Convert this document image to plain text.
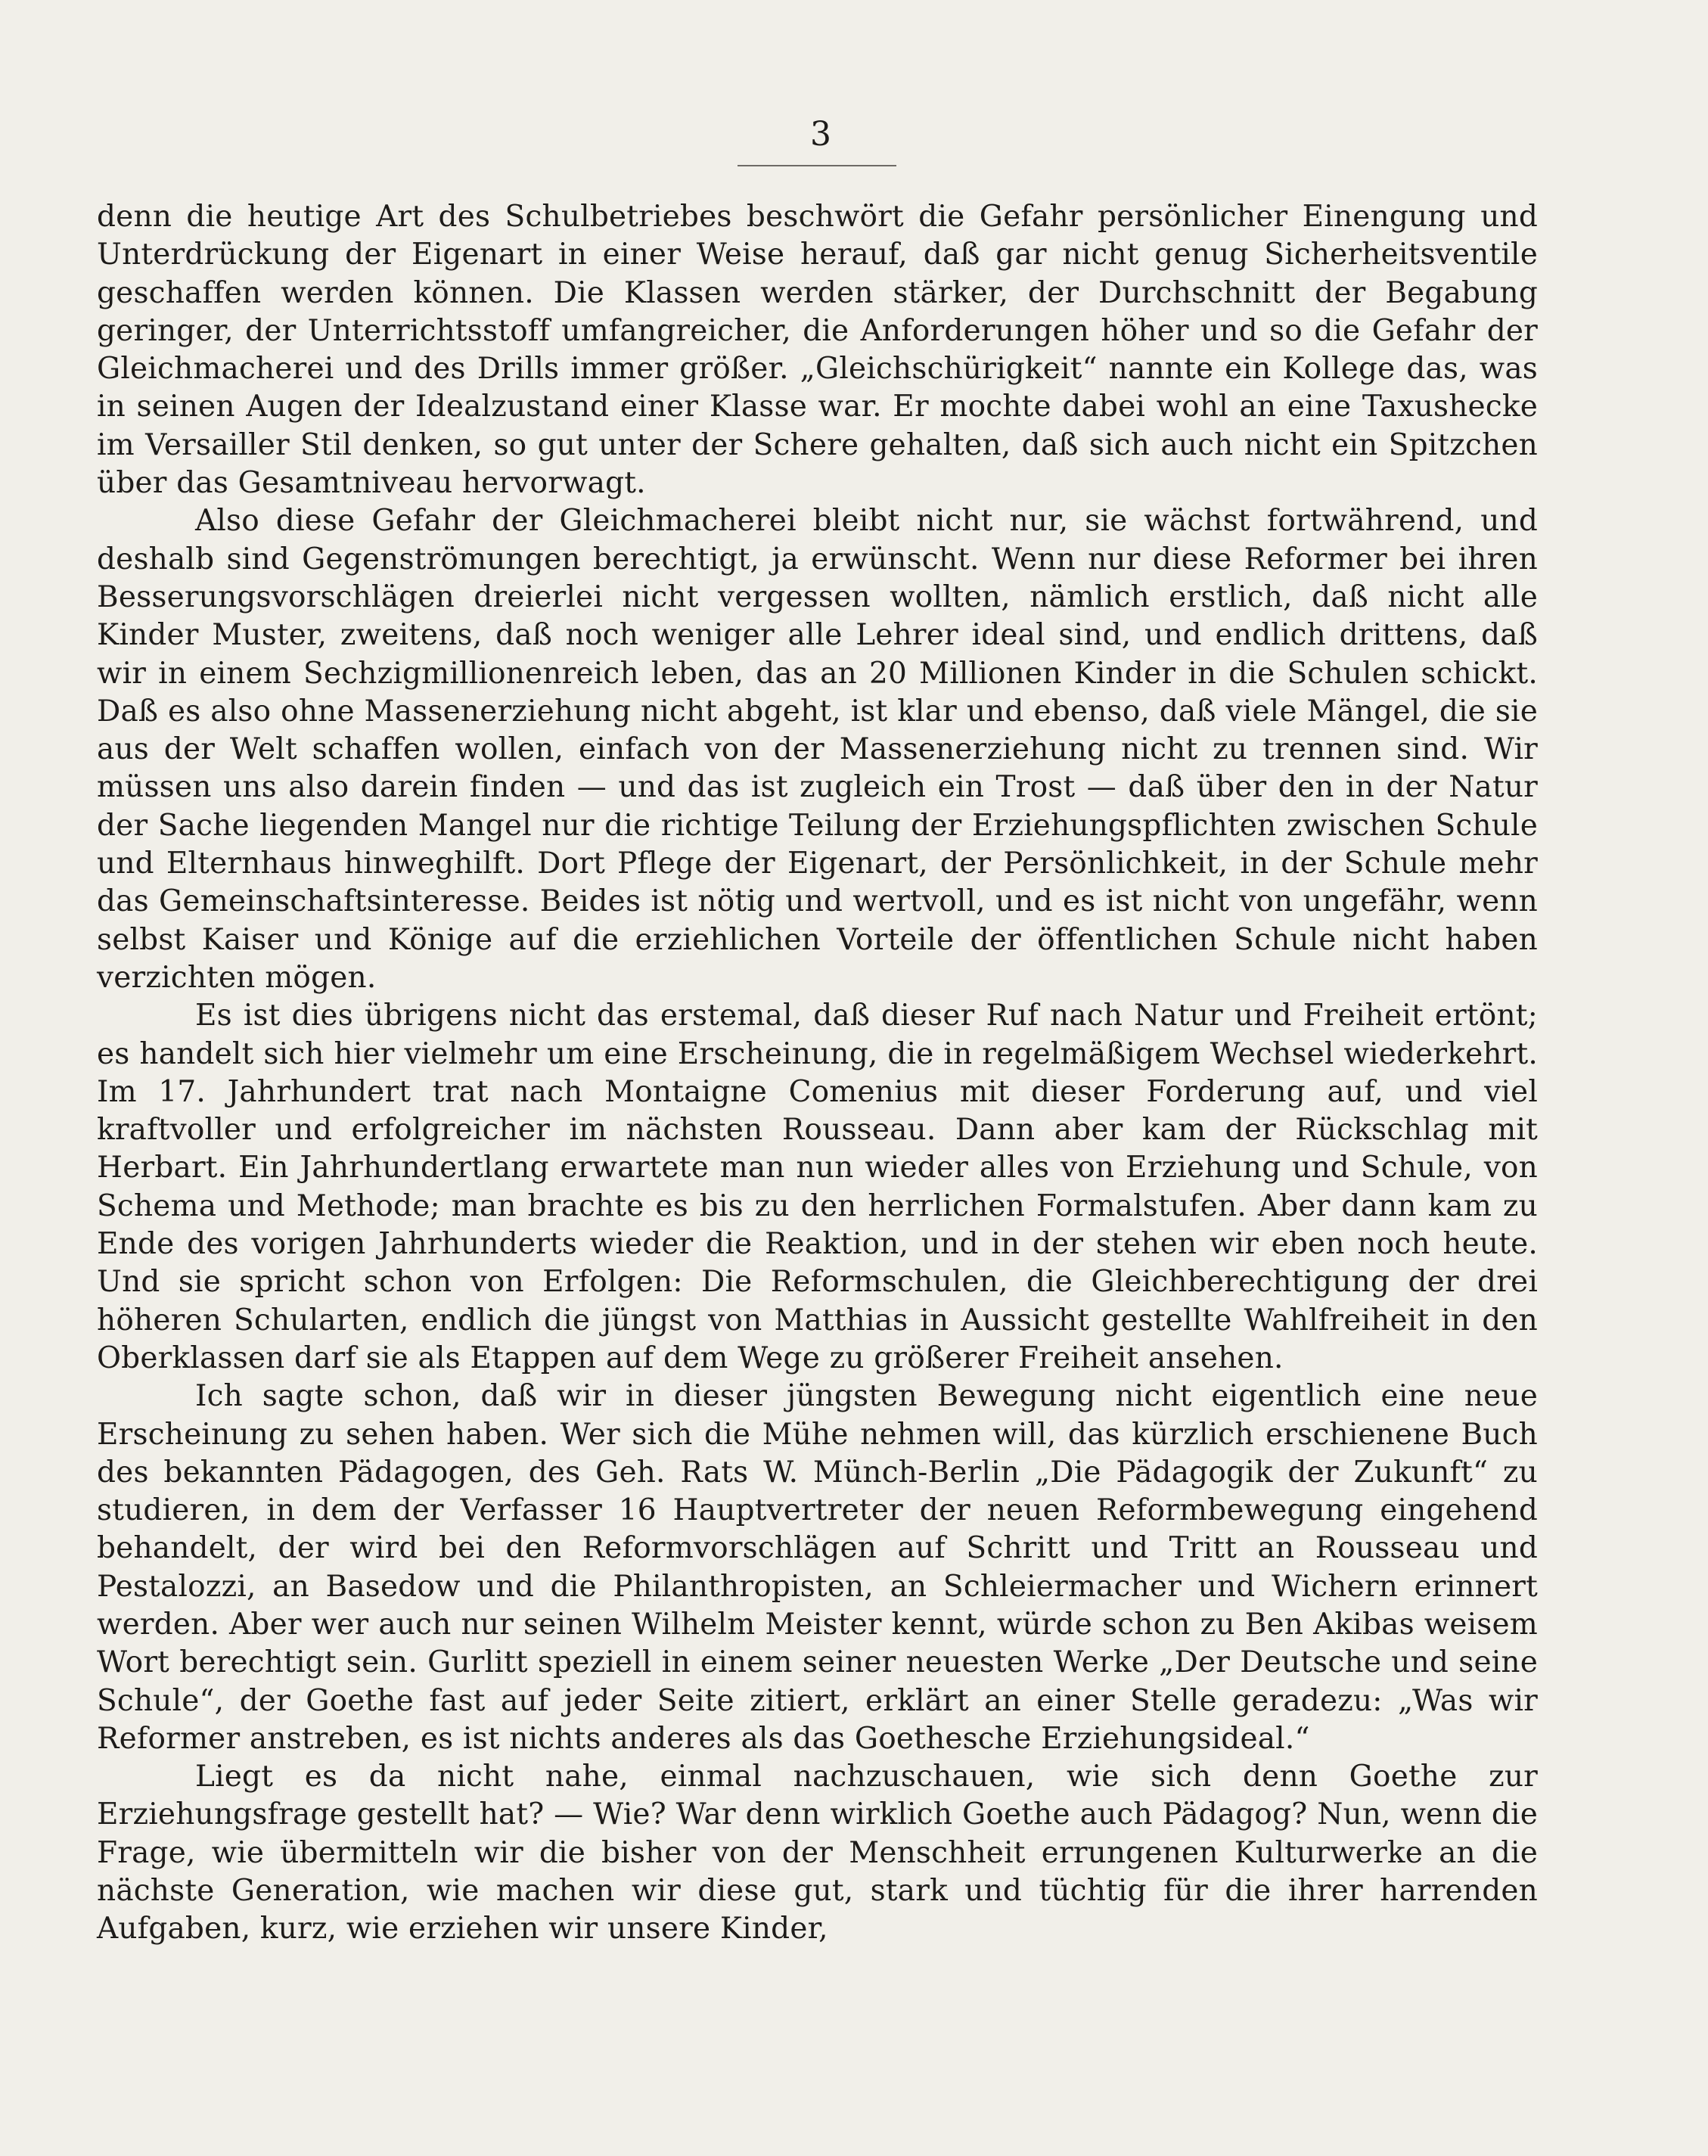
3

denn die heutige Art des Schulbetriebes beschwört die Gefahr persönlicher Einengung und Unterdrückung der Eigenart in einer Weise herauf, daß gar nicht genug Sicherheitsventile geschaffen werden können. Die Klassen werden stärker, der Durchschnitt der Begabung geringer, der Unterrichtsstoff umfangreicher, die Anforderungen höher und so die Gefahr der Gleichmacherei und des Drills immer größer. „Gleichschürigkeit“ nannte ein Kollege das, was in seinen Augen der Idealzustand einer Klasse war. Er mochte dabei wohl an eine Taxushecke im Versailler Stil denken, so gut unter der Schere gehalten, daß sich auch nicht ein Spitzchen über das Gesamtniveau hervorwagt.

Also diese Gefahr der Gleichmacherei bleibt nicht nur, sie wächst fortwährend, und deshalb sind Gegenströmungen berechtigt, ja erwünscht. Wenn nur diese Reformer bei ihren Besserungsvorschlägen dreierlei nicht vergessen wollten, nämlich erstlich, daß nicht alle Kinder Muster, zweitens, daß noch weniger alle Lehrer ideal sind, und endlich drittens, daß wir in einem Sechzigmillionenreich leben, das an 20 Millionen Kinder in die Schulen schickt. Daß es also ohne Massenerziehung nicht abgeht, ist klar und ebenso, daß viele Mängel, die sie aus der Welt schaffen wollen, einfach von der Massenerziehung nicht zu trennen sind. Wir müssen uns also darein finden — und das ist zugleich ein Trost — daß über den in der Natur der Sache liegenden Mangel nur die richtige Teilung der Erziehungspflichten zwischen Schule und Elternhaus hinweghilft. Dort Pflege der Eigenart, der Persönlichkeit, in der Schule mehr das Gemeinschaftsinteresse. Beides ist nötig und wertvoll, und es ist nicht von ungefähr, wenn selbst Kaiser und Könige auf die erziehlichen Vorteile der öffentlichen Schule nicht haben verzichten mögen.

Es ist dies übrigens nicht das erstemal, daß dieser Ruf nach Natur und Freiheit ertönt; es handelt sich hier vielmehr um eine Erscheinung, die in regelmäßigem Wechsel wiederkehrt. Im 17. Jahrhundert trat nach Montaigne Comenius mit dieser Forderung auf, und viel kraftvoller und erfolgreicher im nächsten Rousseau. Dann aber kam der Rückschlag mit Herbart. Ein Jahrhundertlang erwartete man nun wieder alles von Erziehung und Schule, von Schema und Methode; man brachte es bis zu den herrlichen Formalstufen. Aber dann kam zu Ende des vorigen Jahrhunderts wieder die Reaktion, und in der stehen wir eben noch heute. Und sie spricht schon von Erfolgen: Die Reformschulen, die Gleichberechtigung der drei höheren Schularten, endlich die jüngst von Matthias in Aussicht gestellte Wahlfreiheit in den Oberklassen darf sie als Etappen auf dem Wege zu größerer Freiheit ansehen.

Ich sagte schon, daß wir in dieser jüngsten Bewegung nicht eigentlich eine neue Erscheinung zu sehen haben. Wer sich die Mühe nehmen will, das kürzlich erschienene Buch des bekannten Pädagogen, des Geh. Rats W. Münch-Berlin „Die Pädagogik der Zukunft“ zu studieren, in dem der Verfasser 16 Hauptvertreter der neuen Reformbewegung eingehend behandelt, der wird bei den Reformvorschlägen auf Schritt und Tritt an Rousseau und Pestalozzi, an Basedow und die Philanthropisten, an Schleiermacher und Wichern erinnert werden. Aber wer auch nur seinen Wilhelm Meister kennt, würde schon zu Ben Akibas weisem Wort berechtigt sein. Gurlitt speziell in einem seiner neuesten Werke „Der Deutsche und seine Schule“, der Goethe fast auf jeder Seite zitiert, erklärt an einer Stelle geradezu: „Was wir Reformer anstreben, es ist nichts anderes als das Goethesche Erziehungsideal.“

Liegt es da nicht nahe, einmal nachzuschauen, wie sich denn Goethe zur Erziehungsfrage gestellt hat? — Wie? War denn wirklich Goethe auch Pädagog? Nun, wenn die Frage, wie übermitteln wir die bisher von der Menschheit errungenen Kulturwerke an die nächste Generation, wie machen wir diese gut, stark und tüchtig für die ihrer harrenden Aufgaben, kurz, wie erziehen wir unsere Kinder,
